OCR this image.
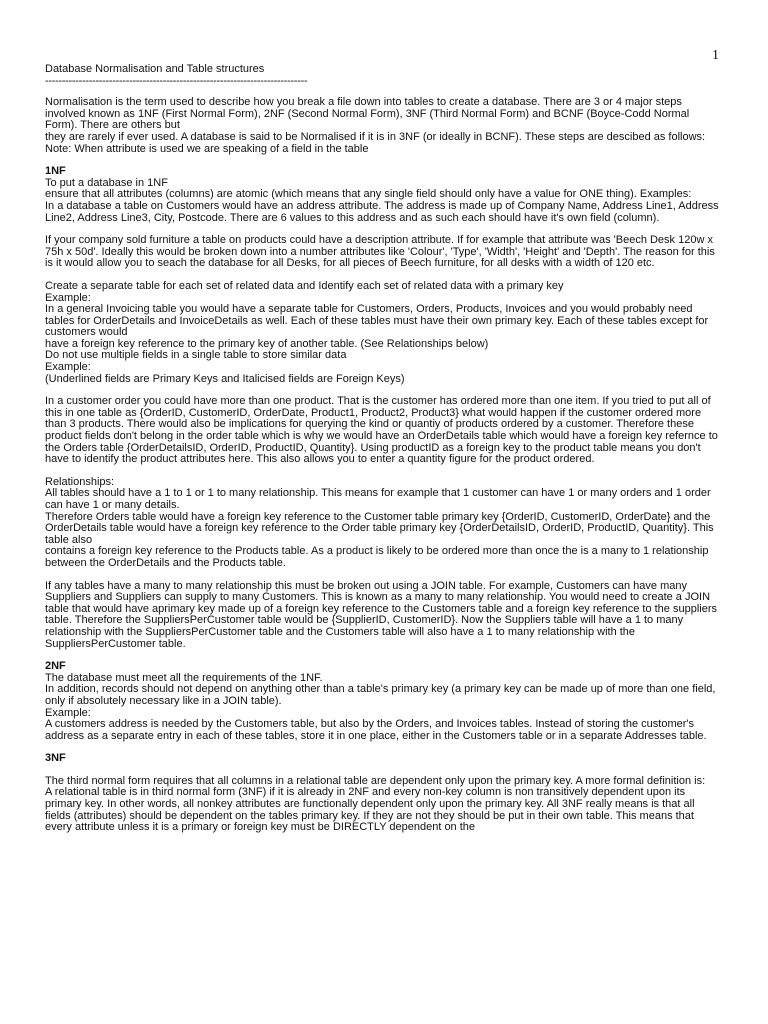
1

Database Normalisation and Table structures

------------------------------------------------------------------------------

Normalisation is the term used to describe how you break a file down into tables to create a database. There are 3 or 4 major steps involved known as 1NF (First Normal Form), 2NF (Second Normal Form), 3NF (Third Normal Form) and BCNF (Boyce-Codd Normal Form). There are others but

they are rarely if ever used. A database is said to be Normalised if it is in 3NF (or ideally in BCNF). These steps are descibed as follows:

Note: When attribute is used we are speaking of a field in the table

1NF

To put a database in 1NF

ensure that all attributes (columns) are atomic (which means that any single field should only have a value for ONE thing). Examples:

In a database a table on Customers would have an address attribute. The address is made up of Company Name, Address Line1, Address Line2, Address Line3, City, Postcode. There are 6 values to this address and as such each should have it's own field (column).

If your company sold furniture a table on products could have a description attribute. If for example that attribute was 'Beech Desk 120w x 75h x 50d'. Ideally this would be broken down into a number attributes like 'Colour', 'Type', 'Width', 'Height' and 'Depth'. The reason for this is it would allow you to seach the database for all Desks, for all pieces of Beech furniture, for all desks with a width of 120 etc.

Create a separate table for each set of related data and Identify each set of related data with a primary key

Example:

In a general Invoicing table you would have a separate table for Customers, Orders, Products, Invoices and you would probably need tables for OrderDetails and InvoiceDetails as well. Each of these tables must have their own primary key. Each of these tables except for customers would

have a foreign key reference to the primary key of another table. (See Relationships below)

Do not use multiple fields in a single table to store similar data

Example:

(Underlined fields are Primary Keys and Italicised fields are Foreign Keys)

In a customer order you could have more than one product. That is the customer has ordered more than one item. If you tried to put all of this in one table as {OrderID, CustomerID, OrderDate, Product1, Product2, Product3} what would happen if the customer ordered more than 3 products. There would also be implications for querying the kind or quantiy of products ordered by a customer. Therefore these product fields don't belong in the order table which is why we would have an OrderDetails table which would have a foreign key refernce to the Orders table {OrderDetailsID, OrderID, ProductID, Quantity}. Using productID as a foreign key to the product table means you don't have to identify the product attributes here. This also allows you to enter a quantity figure for the product ordered.

Relationships:

All tables should have a 1 to 1 or 1 to many relationship. This means for example that 1 customer can have 1 or many orders and 1 order can have 1 or many details.

Therefore Orders table would have a foreign key reference to the Customer table primary key {OrderID, CustomerID, OrderDate} and the OrderDetails table would have a foreign key reference to the Order table primary key {OrderDetailsID, OrderID, ProductID, Quantity}. This table also

contains a foreign key reference to the Products table. As a product is likely to be ordered more than once the is a many to 1 relationship between the OrderDetails and the Products table.

If any tables have a many to many relationship this must be broken out using a JOIN table. For example, Customers can have many Suppliers and Suppliers can supply to many Customers. This is known as a many to many relationship. You would need to create a JOIN table that would have aprimary key made up of a foreign key reference to the Customers table and a foreign key reference to the suppliers table. Therefore the SuppliersPerCustomer table would be {SupplierID, CustomerID}. Now the Suppliers table will have a 1 to many relationship with the SuppliersPerCustomer table and the Customers table will also have a 1 to many relationship with the SuppliersPerCustomer table.

2NF

The database must meet all the requirements of the 1NF.

In addition, records should not depend on anything other than a table's primary key (a primary key can be made up of more than one field, only if absolutely necessary like in a JOIN table).

Example:

A customers address is needed by the Customers table, but also by the Orders, and Invoices tables. Instead of storing the customer's address as a separate entry in each of these tables, store it in one place, either in the Customers table or in a separate Addresses table.

3NF

The third normal form requires that all columns in a relational table are dependent only upon the primary key. A more formal definition is:

A relational table is in third normal form (3NF) if it is already in 2NF and every non-key column is non transitively dependent upon its primary key. In other words, all nonkey attributes are functionally dependent only upon the primary key. All 3NF really means is that all fields (attributes) should be dependent on the tables primary key. If they are not they should be put in their own table. This means that every attribute unless it is a primary or foreign key must be DIRECTLY dependent on the
